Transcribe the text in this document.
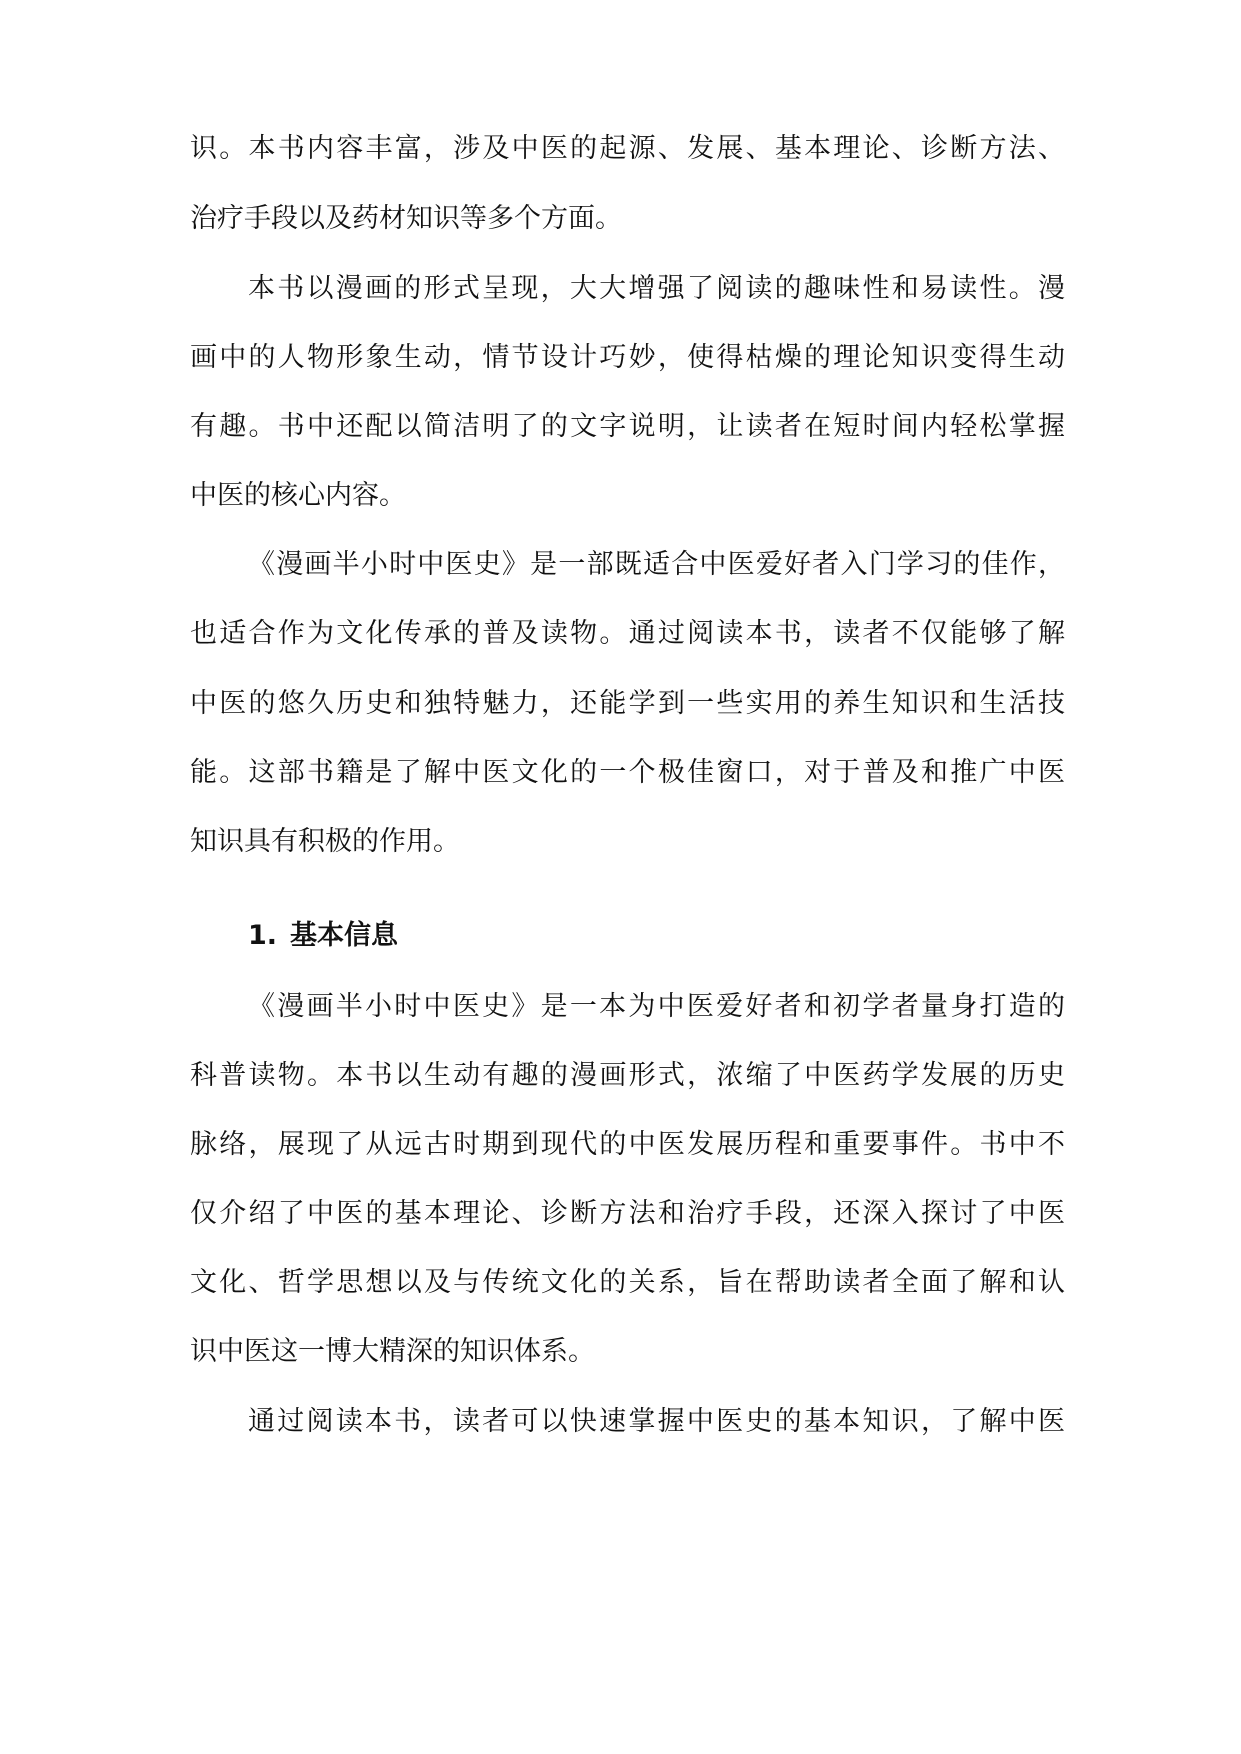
识。本书内容丰富，涉及中医的起源、发展、基本理论、诊断方法、
治疗手段以及药材知识等多个方面。
本书以漫画的形式呈现，大大增强了阅读的趣味性和易读性。漫
画中的人物形象生动，情节设计巧妙，使得枯燥的理论知识变得生动
有趣。书中还配以简洁明了的文字说明，让读者在短时间内轻松掌握
中医的核心内容。
《漫画半小时中医史》是一部既适合中医爱好者入门学习的佳作，
也适合作为文化传承的普及读物。通过阅读本书，读者不仅能够了解
中医的悠久历史和独特魅力，还能学到一些实用的养生知识和生活技
能。这部书籍是了解中医文化的一个极佳窗口，对于普及和推广中医
知识具有积极的作用。
1. 基本信息
《漫画半小时中医史》是一本为中医爱好者和初学者量身打造的
科普读物。本书以生动有趣的漫画形式，浓缩了中医药学发展的历史
脉络，展现了从远古时期到现代的中医发展历程和重要事件。书中不
仅介绍了中医的基本理论、诊断方法和治疗手段，还深入探讨了中医
文化、哲学思想以及与传统文化的关系，旨在帮助读者全面了解和认
识中医这一博大精深的知识体系。
通过阅读本书，读者可以快速掌握中医史的基本知识，了解中医
